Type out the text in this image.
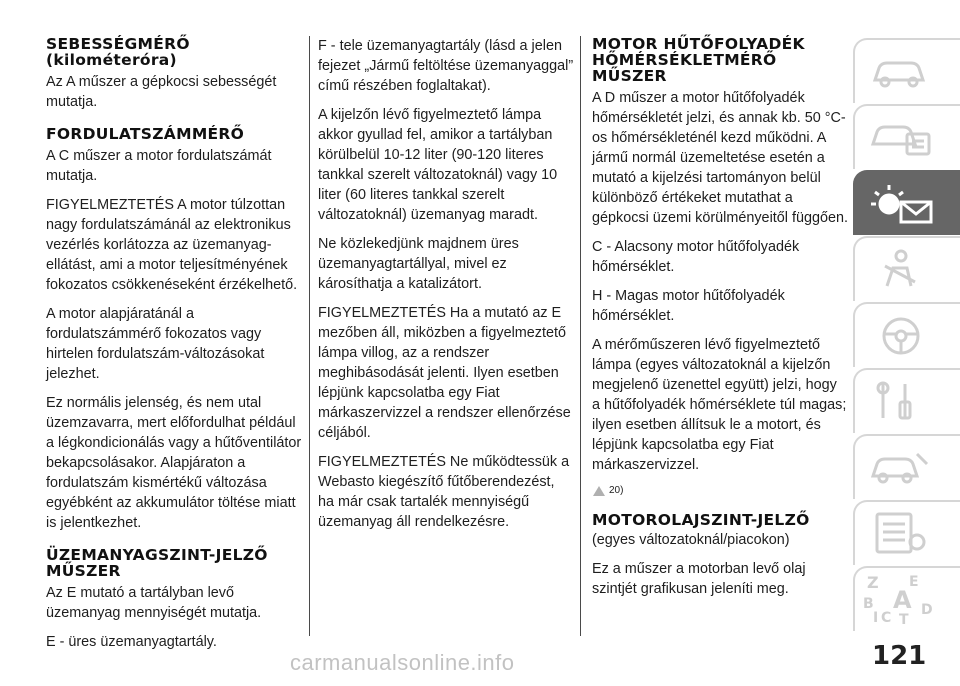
SEBESSÉGMÉRŐ
(kilométeróra)

Az A műszer a gépkocsi sebességét mutatja.

FORDULATSZÁMMÉRŐ

A C műszer a motor fordulatszámát mutatja.

FIGYELMEZTETÉS A motor túlzottan nagy fordulatszámánál az elektronikus vezérlés korlátozza az üzemanyag-ellátást, ami a motor teljesítményének fokozatos csökkenéseként érzékelhető.

A motor alapjáratánál a fordulatszámmérő fokozatos vagy hirtelen fordulatszám-változásokat jelezhet.

Ez normális jelenség, és nem utal üzemzavarra, mert előfordulhat például a légkondicionálás vagy a hűtőventilátor bekapcsolásakor. Alapjáraton a fordulatszám kismértékű változása egyébként az akkumulátor töltése miatt is jelentkezhet.

ÜZEMANYAGSZINT-JELZŐ
MŰSZER

Az E mutató a tartályban levő üzemanyag mennyiségét mutatja.

E - üres üzemanyagtartály.

F - tele üzemanyagtartály (lásd a jelen fejezet „Jármű feltöltése üzemanyaggal” című részében foglaltakat).

A kijelzőn lévő figyelmeztető lámpa akkor gyullad fel, amikor a tartályban körülbelül 10-12 liter (90-120 literes tankkal szerelt változatoknál) vagy 10 liter (60 literes tankkal szerelt változatoknál) üzemanyag maradt.

Ne közlekedjünk majdnem üres üzemanyagtartállyal, mivel ez károsíthatja a katalizátort.

FIGYELMEZTETÉS Ha a mutató az E mezőben áll, miközben a figyelmeztető lámpa villog, az a rendszer meghibásodását jelenti. Ilyen esetben lépjünk kapcsolatba egy Fiat márkaszervizzel a rendszer ellenőrzése céljából.

FIGYELMEZTETÉS Ne működtessük a Webasto kiegészítő fűtőberendezést, ha már csak tartalék mennyiségű üzemanyag áll rendelkezésre.

MOTOR HŰTŐFOLYADÉK
HŐMÉRSÉKLETMÉRŐ
MŰSZER

A D műszer a motor hűtőfolyadék hőmérsékletét jelzi, és annak kb. 50 °C-os hőmérsékleténél kezd működni. A jármű normál üzemeltetése esetén a mutató a kijelzési tartományon belül különböző értékeket mutathat a gépkocsi üzemi körülményeitől függően.

C - Alacsony motor hűtőfolyadék hőmérséklet.

H - Magas motor hűtőfolyadék hőmérséklet.

A mérőműszeren lévő figyelmeztető lámpa (egyes változatoknál a kijelzőn megjelenő üzenettel együtt) jelzi, hogy a hűtőfolyadék hőmérséklete túl magas; ilyen esetben állítsuk le a motort, és lépjünk kapcsolatba egy Fiat márkaszervizzel.

20)
MOTOROLAJSZINT-JELZŐ

(egyes változatoknál/piacokon)

Ez a műszer a motorban levő olaj szintjét grafikusan jeleníti meg.	Z E
B A D
I C T
121
carmanualsonline.info
